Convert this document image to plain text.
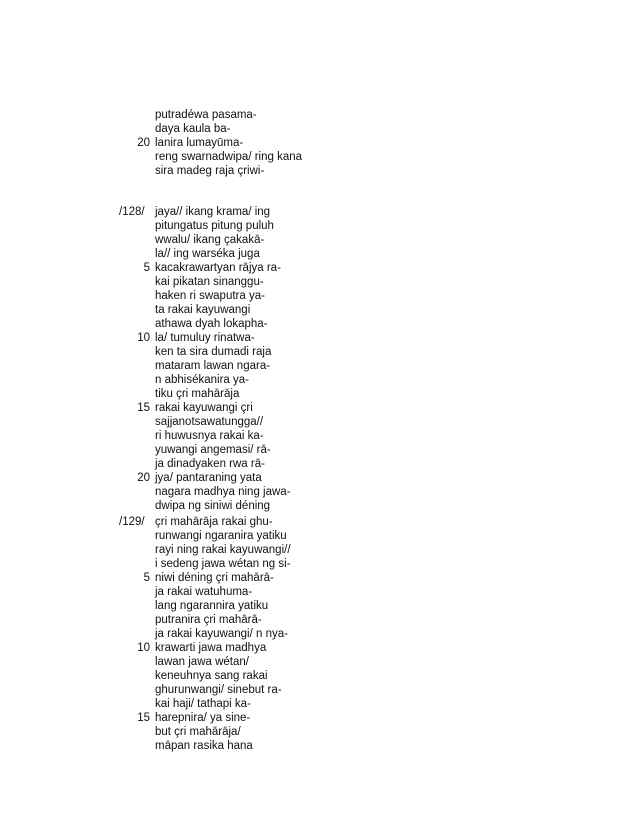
putradéwa pasama-
daya kaula ba-
lanira lumayūma-
20
reng swarnadwipa/ ring kana
sira madeg raja çriwi-
/128/ jaya// ikang krama/ ing
pitungatus pitung puluh
wwalu/ ikang çakakā-
la// ing warséka juga
kacakrawartyan rājya ra-
5
kai pikatan sinanggu-
haken ri swaputra ya-
ta rakai kayuwangi
athawa dyah lokapha-
la/ tumuluy rinatwa-
10
ken ta sira dumadi raja
mataram lawan ngara-
n abhisékanira ya-
tiku çri mahārāja
rakai kayuwangi çri
15
sajjanotsawatungga//
ri huwusnya rakai ka-
yuwangi angemasi/ rā-
ja dinadyaken rwa rā-
jya/ pantaraning yata
20
nagara madhya ning jawa-
dwipa ng siniwi déning
/129/ çri mahārāja rakai ghu-
runwangi ngaranira yatiku
rayi ning rakai kayuwangi//
i sedeng jawa wétan ng si-
niwi déning çri mahārā-
5
ja rakai watuhuma-
lang ngarannira yatiku
putranira çri mahārā-
ja rakai kayuwangi/ n nya-
krawarti jawa madhya
10
lawan jawa wétan/
keneuhnya sang rakai
ghurunwangi/ sinebut ra-
kai haji/ tathapi ka-
harepnira/ ya sine-
15
but çri mahārāja/
māpan rasika hana
